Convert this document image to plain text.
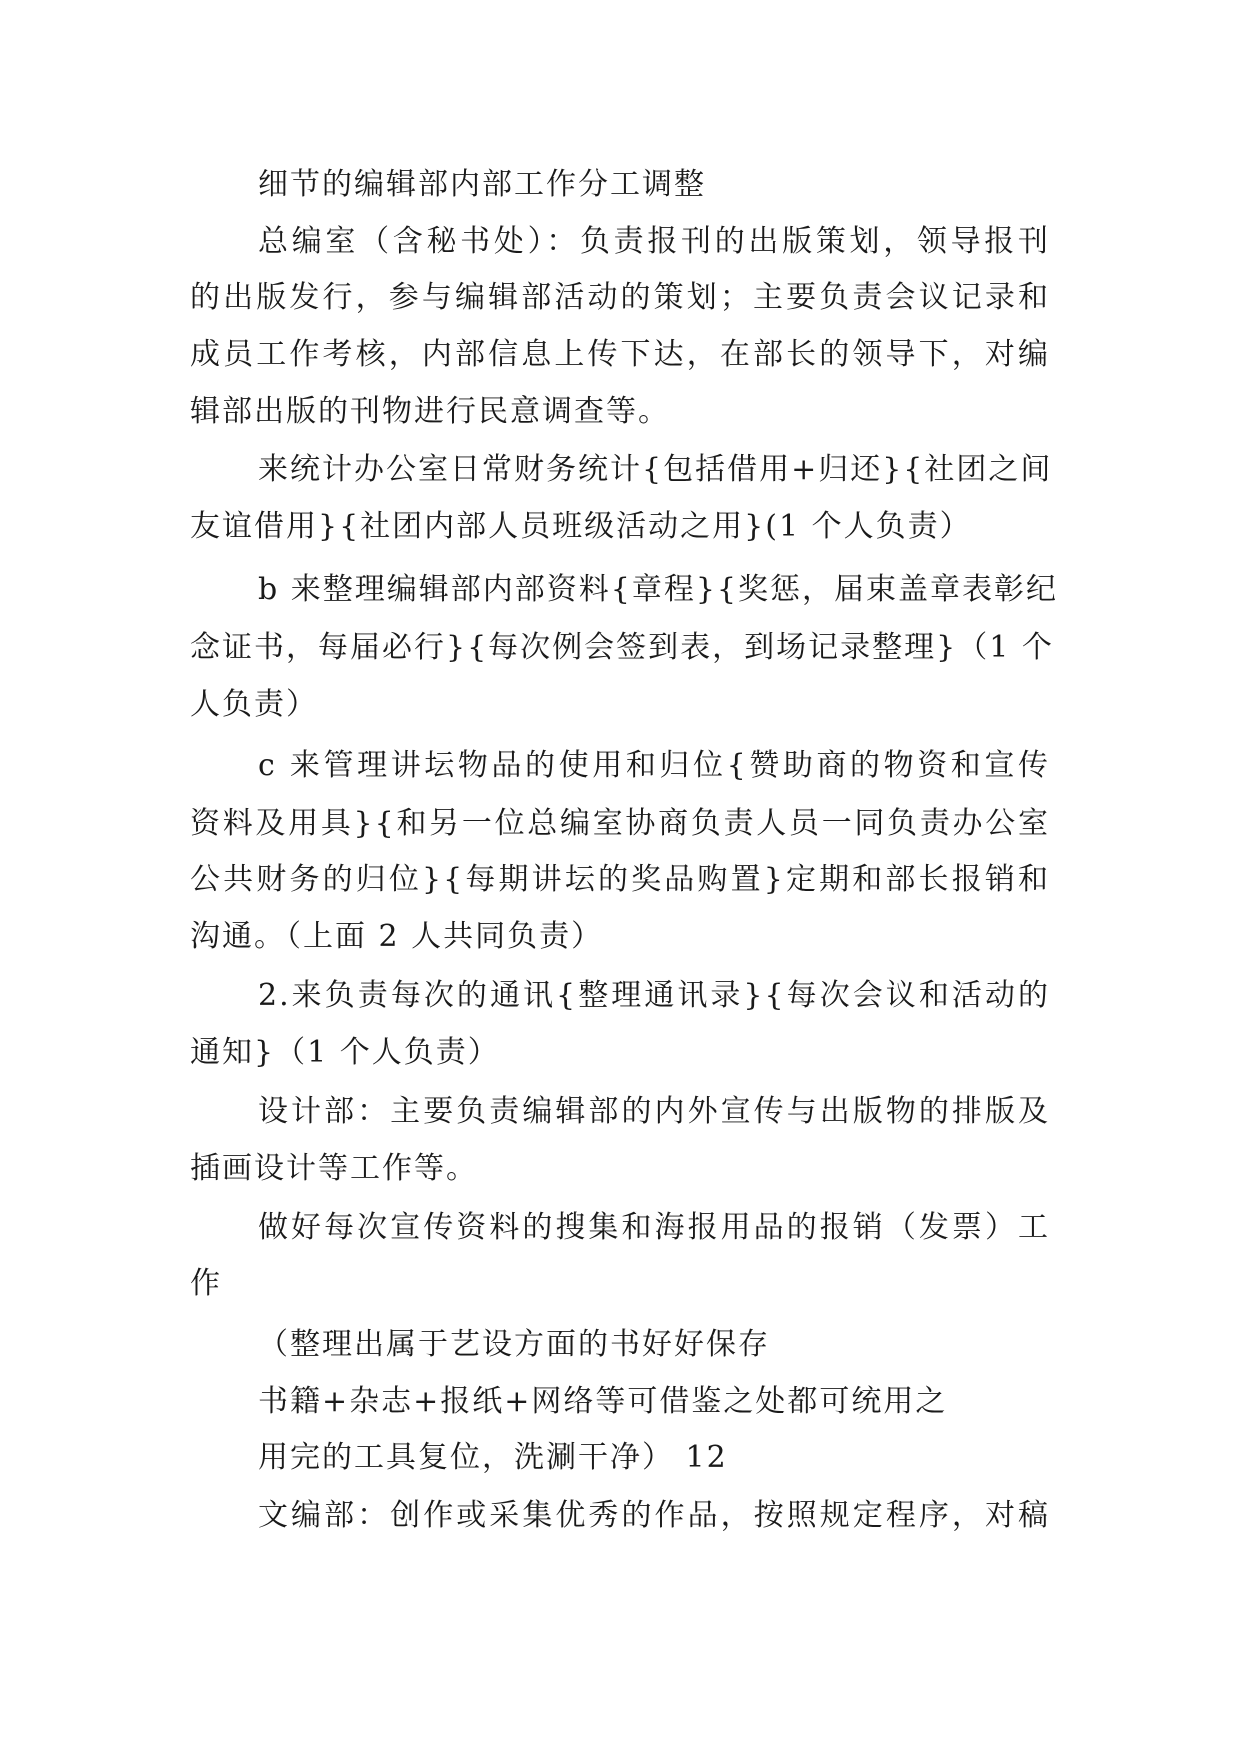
细节的编辑部内部工作分工调整
总编室（含秘书处）：负责报刊的出版策划，领导报刊
的出版发行，参与编辑部活动的策划；主要负责会议记录和
成员工作考核，内部信息上传下达，在部长的领导下，对编
辑部出版的刊物进行民意调查等。
来统计办公室日常财务统计{包括借用+归还}{社团之间
友谊借用}{社团内部人员班级活动之用}(1 个人负责）
b 来整理编辑部内部资料{章程}{奖惩，届束盖章表彰纪
念证书，每届必行}{每次例会签到表，到场记录整理}（1 个
人负责）
c 来管理讲坛物品的使用和归位{赞助商的物资和宣传
资料及用具}{和另一位总编室协商负责人员一同负责办公室
公共财务的归位}{每期讲坛的奖品购置}定期和部长报销和
沟通。（上面 2 人共同负责）
2.来负责每次的通讯{整理通讯录}{每次会议和活动的
通知}（1 个人负责）
设计部：主要负责编辑部的内外宣传与出版物的排版及
插画设计等工作等。
做好每次宣传资料的搜集和海报用品的报销（发票）工
作
（整理出属于艺设方面的书好好保存
书籍+杂志+报纸+网络等可借鉴之处都可统用之
用完的工具复位，洗涮干净） 12
文编部：创作或采集优秀的作品，按照规定程序，对稿
